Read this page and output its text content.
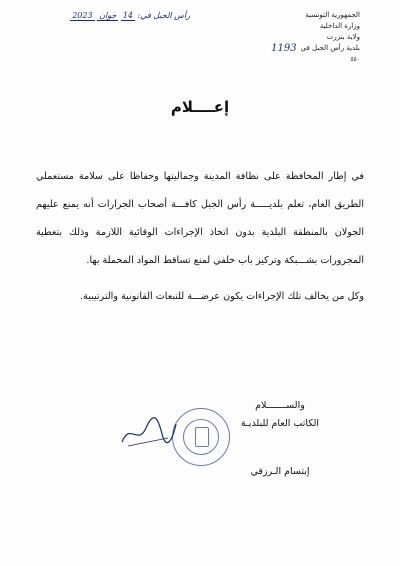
الجمهورية التونسية
وزارة الداخلية
ولاية بنزرت
بلدية رأس الجبل في
1193
٥٥٠
رأس الجبل في: 14 جوان 2023
إعــــلام

في إطار المحافظة على نظافة المدينة وجماليتها وحفاظا على سلامة مستعملي الطريق العام، تعلم بلديـــــة رأس الجبل كافـــة أصحاب الجرارات أنه يمنع عليهم الجولان بالمنطقة البلدية بدون اتخاذ الإجراءات الوقائية اللازمة وذلك بتغطية المجرورات بشـــبكة وتركيز باب خلفي لمنع تساقط المواد المحملة بها.

وكل من يخالف تلك الإجراءات يكون عرضـــة للتبعات القانونية والترتيبية.

والســـــــلام
الكاتب العام للبلديـة
إبتسام الـرزقي
